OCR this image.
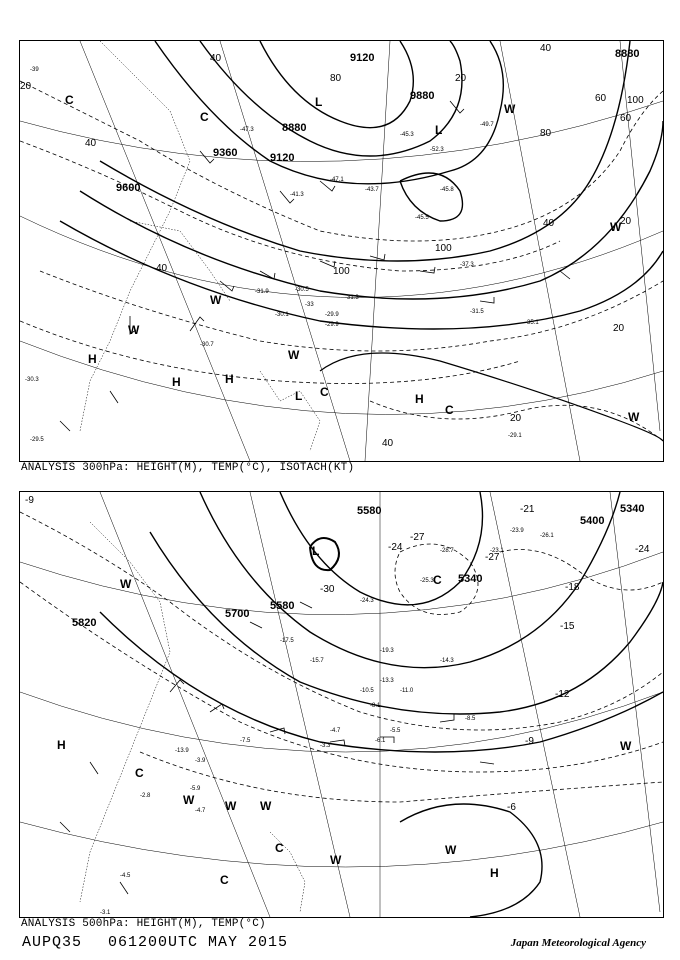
9120
8880
9880
9360	9120
9600
8880
20
40
80
100
40
20
40
60
80
100
40	20
40
20
20
40
100
60
-39
-47.3
-41.3
-45.3
-52.3
-49.7
-45.8
-37.3
-35.1
-31.5
-30.5
-31.3
-29.9
-33
-29.9
-30.7
-30.1
-31.9
-29.1
-30.3
-29.5
-47.1
-43.7
-45.5
L
L
L
H
H	H
H
C
C
C
W
W
W
W
W
W
C
ANALYSIS 300hPa: HEIGHT(M), TEMP(°C), ISOTACH(KT)
5580
5340
5700
5580
5820
5340
5400
-9
-24
-27
-27
-18
-15
-12
-9
-6
-21
-24
-30
-28.7
-25.3
-24.3
-19.3
-13.3
-10.5
-8.1
-5.5
-4.7
-3.3
-8.5
-7.5
-4.5
-3.1
-6.1
-11.0
-14.3
-15.7
-17.5
-23.1
-23.9
-26.1
-4.7
-5.9
-13.9
-3.9
-2.8
L
C
H
H
C
C
W
W
W
W
W
C
W	W
ANALYSIS 500hPa: HEIGHT(M), TEMP(°C)
AUPQ35 061200UTC MAY 2015	Japan Meteorological Agency
